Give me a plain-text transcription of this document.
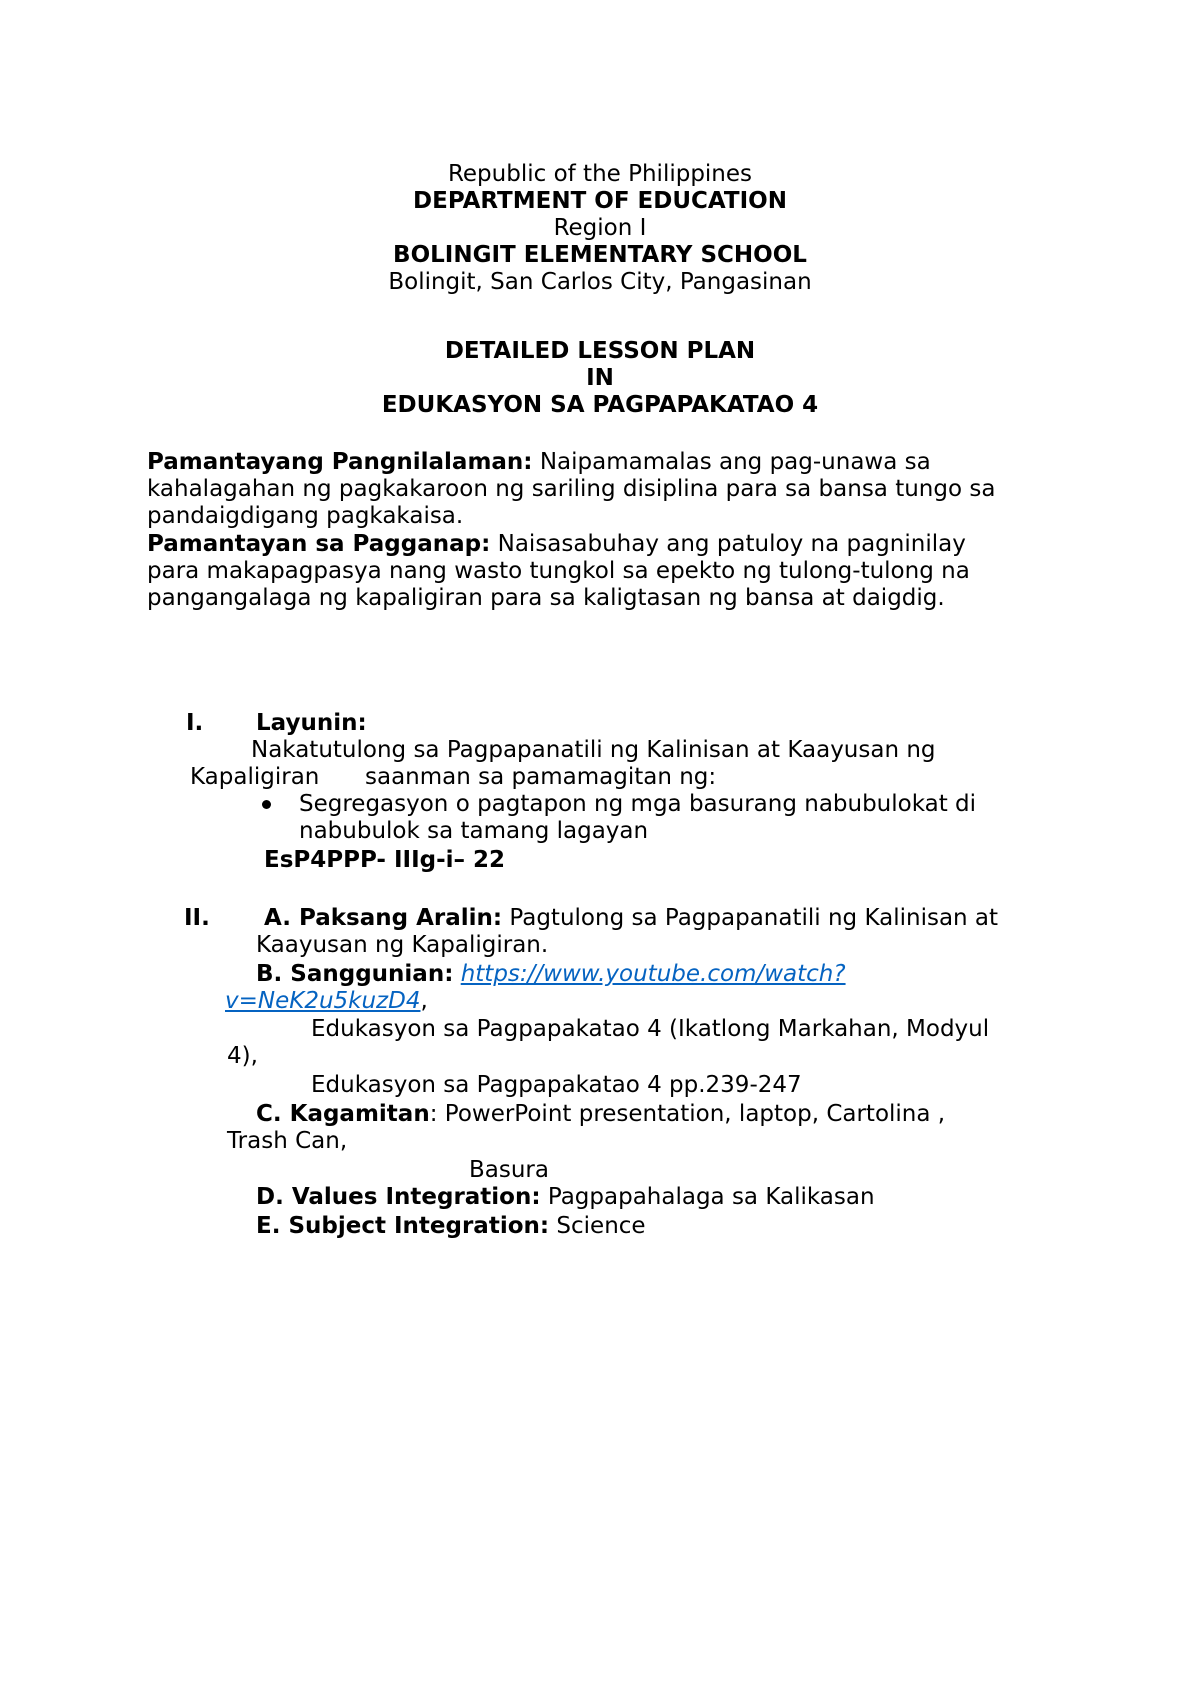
Republic of the Philippines
DEPARTMENT OF EDUCATION
Region I
BOLINGIT ELEMENTARY SCHOOL
Bolingit, San Carlos City, Pangasinan
DETAILED LESSON PLAN
IN
EDUKASYON SA PAGPAPAKATAO 4
Pamantayang Pangnilalaman: Naipamamalas ang pag-unawa sa
kahalagahan ng pagkakaroon ng sariling disiplina para sa bansa tungo sa
pandaigdigang pagkakaisa.
Pamantayan sa Pagganap: Naisasabuhay ang patuloy na pagninilay
para makapagpasya nang wasto tungkol sa epekto ng tulong-tulong na
pangangalaga ng kapaligiran para sa kaligtasan ng bansa at daigdig.
I. Layunin:
Nakatutulong sa Pagpapanatili ng Kalinisan at Kaayusan ng
Kapaligiran saanman sa pamamagitan ng:
Segregasyon o pagtapon ng mga basurang nabubulokat di
nabubulok sa tamang lagayan
EsP4PPP- IIIg-i– 22
II. A. Paksang Aralin: Pagtulong sa Pagpapanatili ng Kalinisan at
Kaayusan ng Kapaligiran.
B. Sanggunian: https://www.youtube.com/watch?
v=NeK2u5kuzD4,
Edukasyon sa Pagpapakatao 4 (Ikatlong Markahan, Modyul
4),
Edukasyon sa Pagpapakatao 4 pp.239-247
C. Kagamitan: PowerPoint presentation, laptop, Cartolina ,
Trash Can,
Basura
D. Values Integration: Pagpapahalaga sa Kalikasan
E. Subject Integration: Science
